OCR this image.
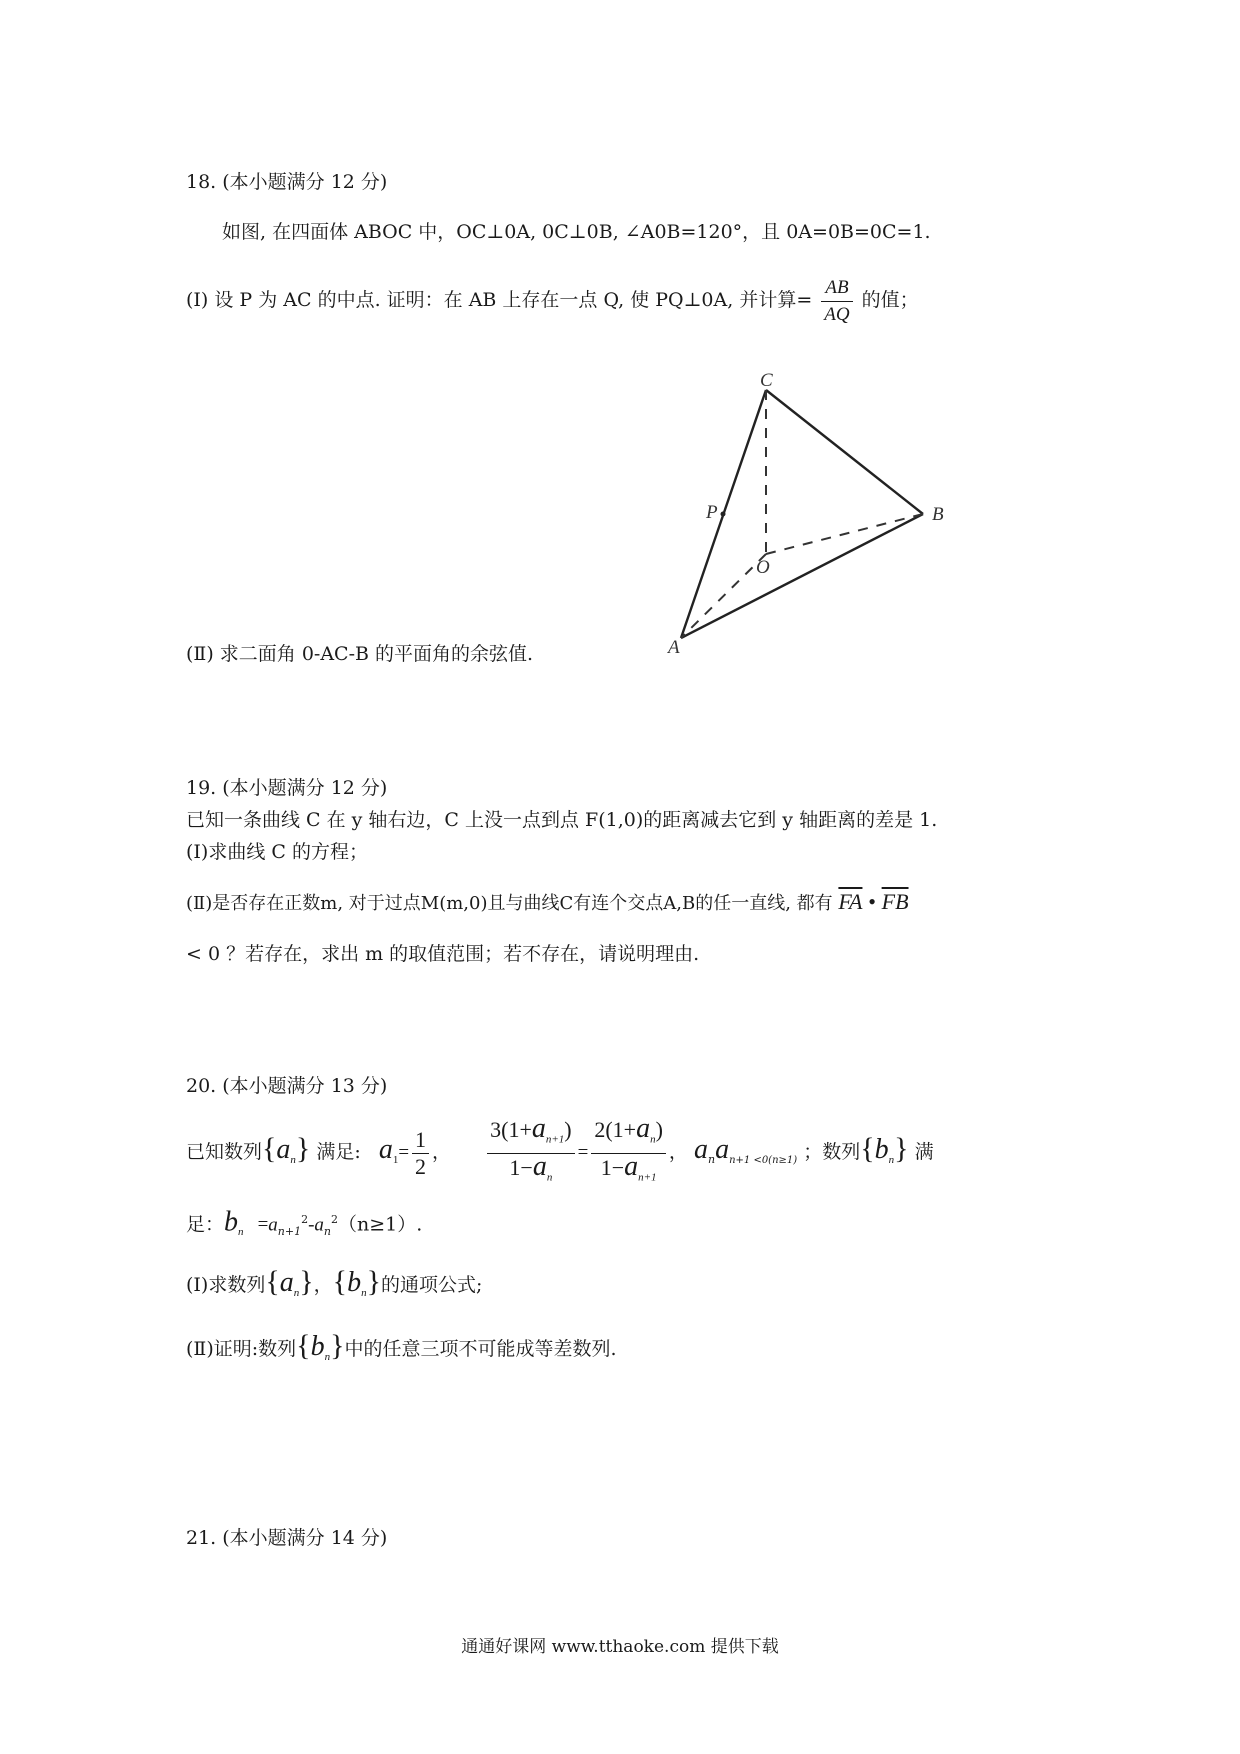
18. (本小题满分 12 分)
如图, 在四面体 ABOC 中，OC⊥0A, 0C⊥0B, ∠A0B=120°，且 0A=0B=0C=1.
(Ⅰ) 设 P 为 AC 的中点. 证明：在 AB 上存在一点 Q, 使 PQ⊥0A, 并计算= $\frac{AB}{AQ}$ 的值；
C
P	B
O
A
(Ⅱ) 求二面角 0-AC-B 的平面角的余弦值.
19. (本小题满分 12 分)
已知一条曲线 C 在 y 轴右边，C 上没一点到点 F(1,0)的距离减去它到 y 轴距离的差是 1.
(Ⅰ)求曲线 C 的方程；
(Ⅱ)是否存在正数m, 对于过点M(m,0)且与曲线C有连个交点A,B的任一直线, 都有 $\overline{FA}$ • $\overline{FB}$
< 0 ？若存在，求出 m 的取值范围；若不存在，请说明理由.
20. (本小题满分 13 分)
已知数列$\{a_n\}$ 满足: $a_1= \frac{1}{2}$ ， $\frac{3(1+a_{n+1})}{1-a_n} = \frac{2(1+a_n)}{1-a_{n+1}}$ ， $a_na_{n+1 <0(n\ge 1)}$ ；数列$\{b_n\}$ 满
足：$b_n =a_{n+1}^2-a_n^2(n\ge 1)$.
(Ⅰ)求数列$\{a_n\}$，$\{b_n\}$的通项公式;
(Ⅱ)证明:数列$\{b_n\}$中的任意三项不可能成等差数列.
21. (本小题满分 14 分)
通通好课网 www.tthaoke.com 提供下载
